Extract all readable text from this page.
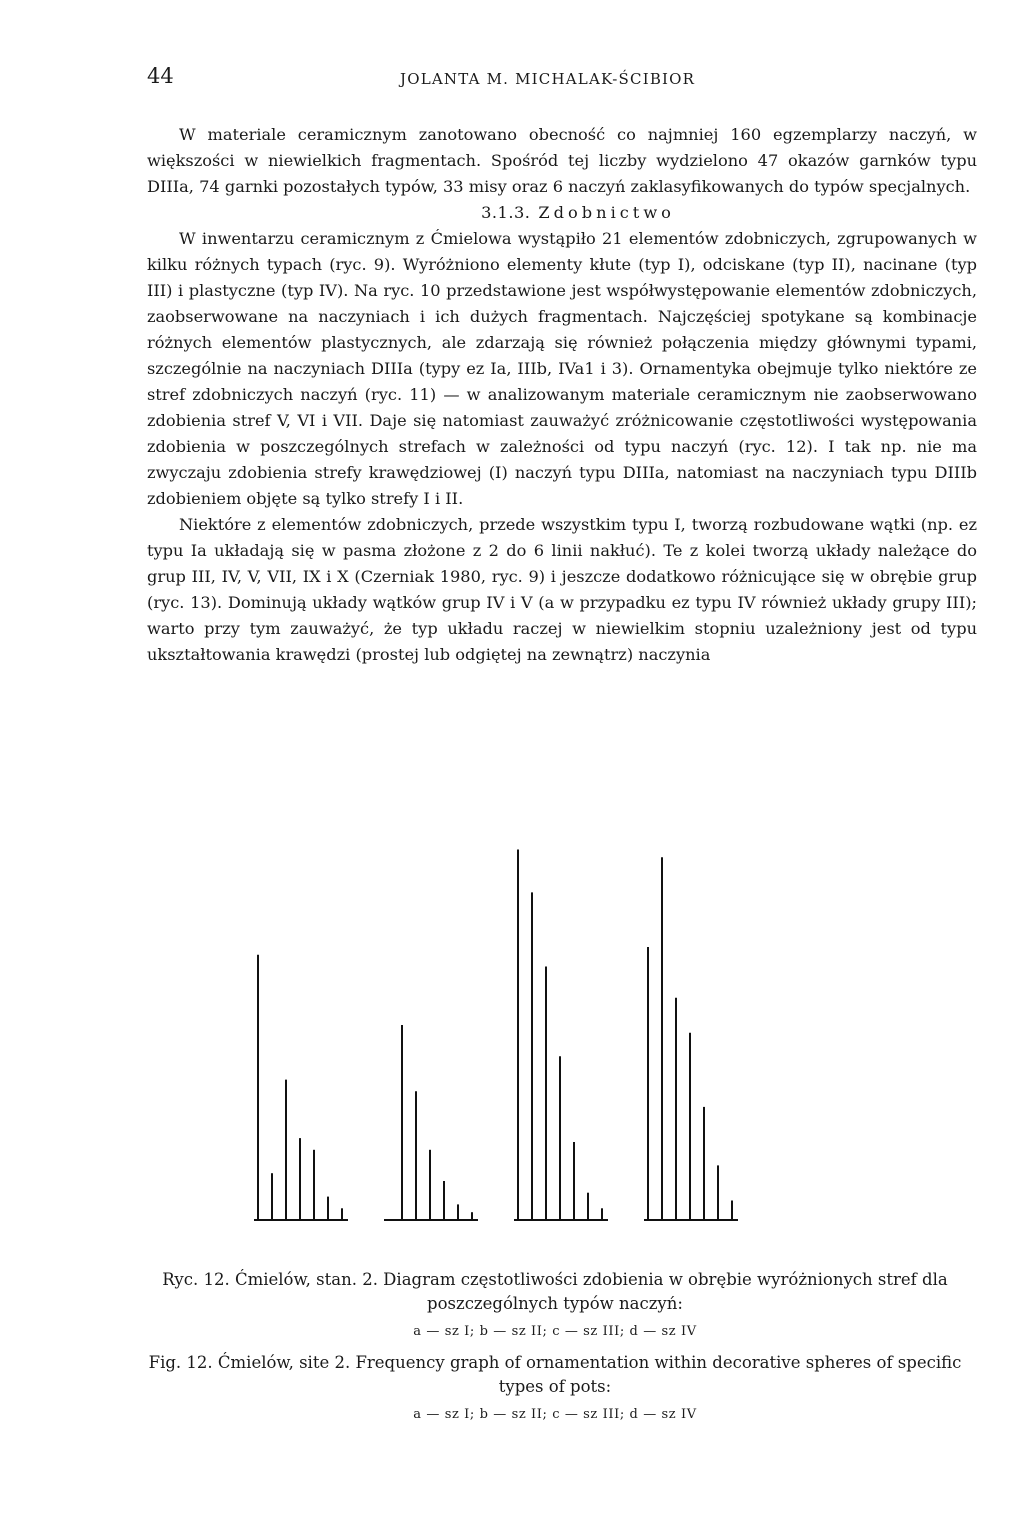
44	JOLANTA M. MICHALAK-ŚCIBIOR

W materiale ceramicznym zanotowano obecność co najmniej 160 egzemplarzy naczyń, w większości w niewielkich fragmentach. Spośród tej liczby wydzielono 47 okazów garnków typu DIIIa, 74 garnki pozostałych typów, 33 misy oraz 6 naczyń zaklasyfikowanych do typów specjalnych.

3.1.3. Zdobnictwo

W inwentarzu ceramicznym z Ćmielowa wystąpiło 21 elementów zdobniczych, zgrupowanych w kilku różnych typach (ryc. 9). Wyróżniono elementy kłute (typ I), odciskane (typ II), nacinane (typ III) i plastyczne (typ IV). Na ryc. 10 przedstawione jest współwystępowanie elementów zdobniczych, zaobserwowane na naczyniach i ich dużych fragmentach. Najczęściej spotykane są kombinacje różnych elementów plastycznych, ale zdarzają się również połączenia między głównymi typami, szczególnie na naczyniach DIIIa (typy ez Ia, IIIb, IVa1 i 3). Ornamentyka obejmuje tylko niektóre ze stref zdobniczych naczyń (ryc. 11) — w analizowanym materiale ceramicznym nie zaobserwowano zdobienia stref V, VI i VII. Daje się natomiast zauważyć zróżnicowanie częstotliwości występowania zdobienia w poszczególnych strefach w zależności od typu naczyń (ryc. 12). I tak np. nie ma zwyczaju zdobienia strefy krawędziowej (I) naczyń typu DIIIa, natomiast na naczyniach typu DIIIb zdobieniem objęte są tylko strefy I i II.

Niektóre z elementów zdobniczych, przede wszystkim typu I, tworzą rozbudowane wątki (np. ez typu Ia układają się w pasma złożone z 2 do 6 linii nakłuć). Te z kolei tworzą układy należące do grup III, IV, V, VII, IX i X (Czerniak 1980, ryc. 9) i jeszcze dodatkowo różnicujące się w obrębie grup (ryc. 13). Dominują układy wątków grup IV i V (a w przypadku ez typu IV również układy grupy III); warto przy tym zauważyć, że typ układu raczej w niewielkim stopniu uzależniony jest od typu ukształtowania krawędzi (prostej lub odgiętej na zewnątrz) naczynia

Ryc. 12. Ćmielów, stan. 2. Diagram częstotliwości zdobienia w obrębie wyróżnionych stref dla poszczególnych typów naczyń:
a — sz I; b — sz II; c — sz III; d — sz IV
Fig. 12. Ćmielów, site 2. Frequency graph of ornamentation within decorative spheres of specific types of pots:
a — sz I; b — sz II; c — sz III; d — sz IV
